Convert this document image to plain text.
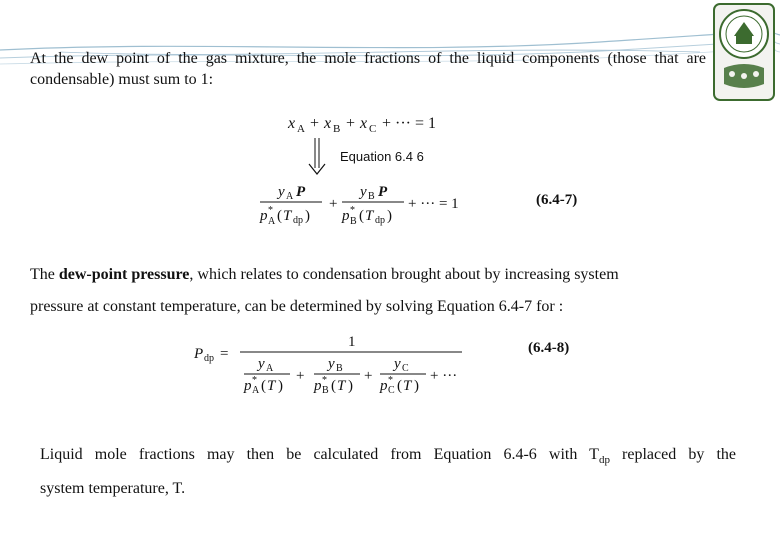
At the dew point of the gas mixture, the mole fractions of the liquid components (those that are condensable) must sum to 1:
x A + x B + x C + ··· = 1
Equation 6.4 6
y A P
p *
A ( T dp )
+
y B P
p *
B ( T dp )
+ ··· = 1	(6.4-7)
The dew-point pressure, which relates to condensation brought about by increasing system
pressure at constant temperature, can be determined by solving Equation 6.4-7 for :
P dp =
1
y A
p *
A ( T )
+
y B
p *
B ( T )
+
y C
p *
C ( T )
+ ···
(6.4-8)
Liquid mole fractions may then be calculated from Equation 6.4-6 with $T_{dp}$ replaced by the
system temperature, T.
